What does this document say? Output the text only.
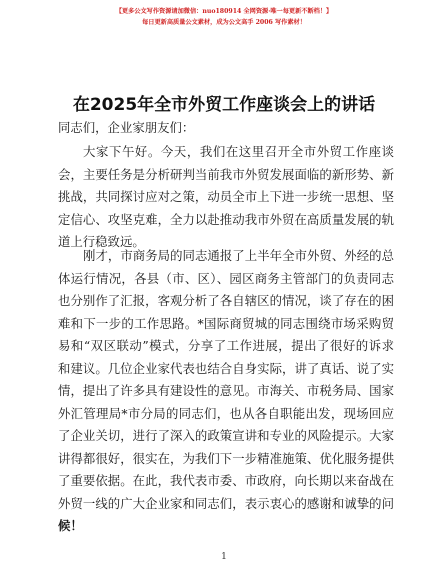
【更多公文写作资源请加微信：nuo180914 全网资源·唯一每更新不断档！】
每日更新高质量公文素材，成为公文高手 2006 写作素材！
在2025年全市外贸工作座谈会上的讲话
同志们，企业家朋友们：
大家下午好。今天，我们在这里召开全市外贸工作座谈
会，主要任务是分析研判当前我市外贸发展面临的新形势、新
挑战，共同探讨应对之策，动员全市上下进一步统一思想、坚
定信心、攻坚克难，全力以赴推动我市外贸在高质量发展的轨
道上行稳致远。
刚才，市商务局的同志通报了上半年全市外贸、外经的总
体运行情况，各县（市、区）、园区商务主管部门的负责同志
也分别作了汇报，客观分析了各自辖区的情况，谈了存在的困
难和下一步的工作思路。*国际商贸城的同志围绕市场采购贸
易和“双区联动”模式，分享了工作进展，提出了很好的诉求
和建议。几位企业家代表也结合自身实际，讲了真话、说了实
情，提出了许多具有建设性的意见。市海关、市税务局、国家
外汇管理局*市分局的同志们，也从各自职能出发，现场回应
了企业关切，进行了深入的政策宣讲和专业的风险提示。大家
讲得都很好，很实在，为我们下一步精准施策、优化服务提供
了重要依据。在此，我代表市委、市政府，向长期以来奋战在
外贸一线的广大企业家和同志们，表示衷心的感谢和诚挚的问
候！
1
